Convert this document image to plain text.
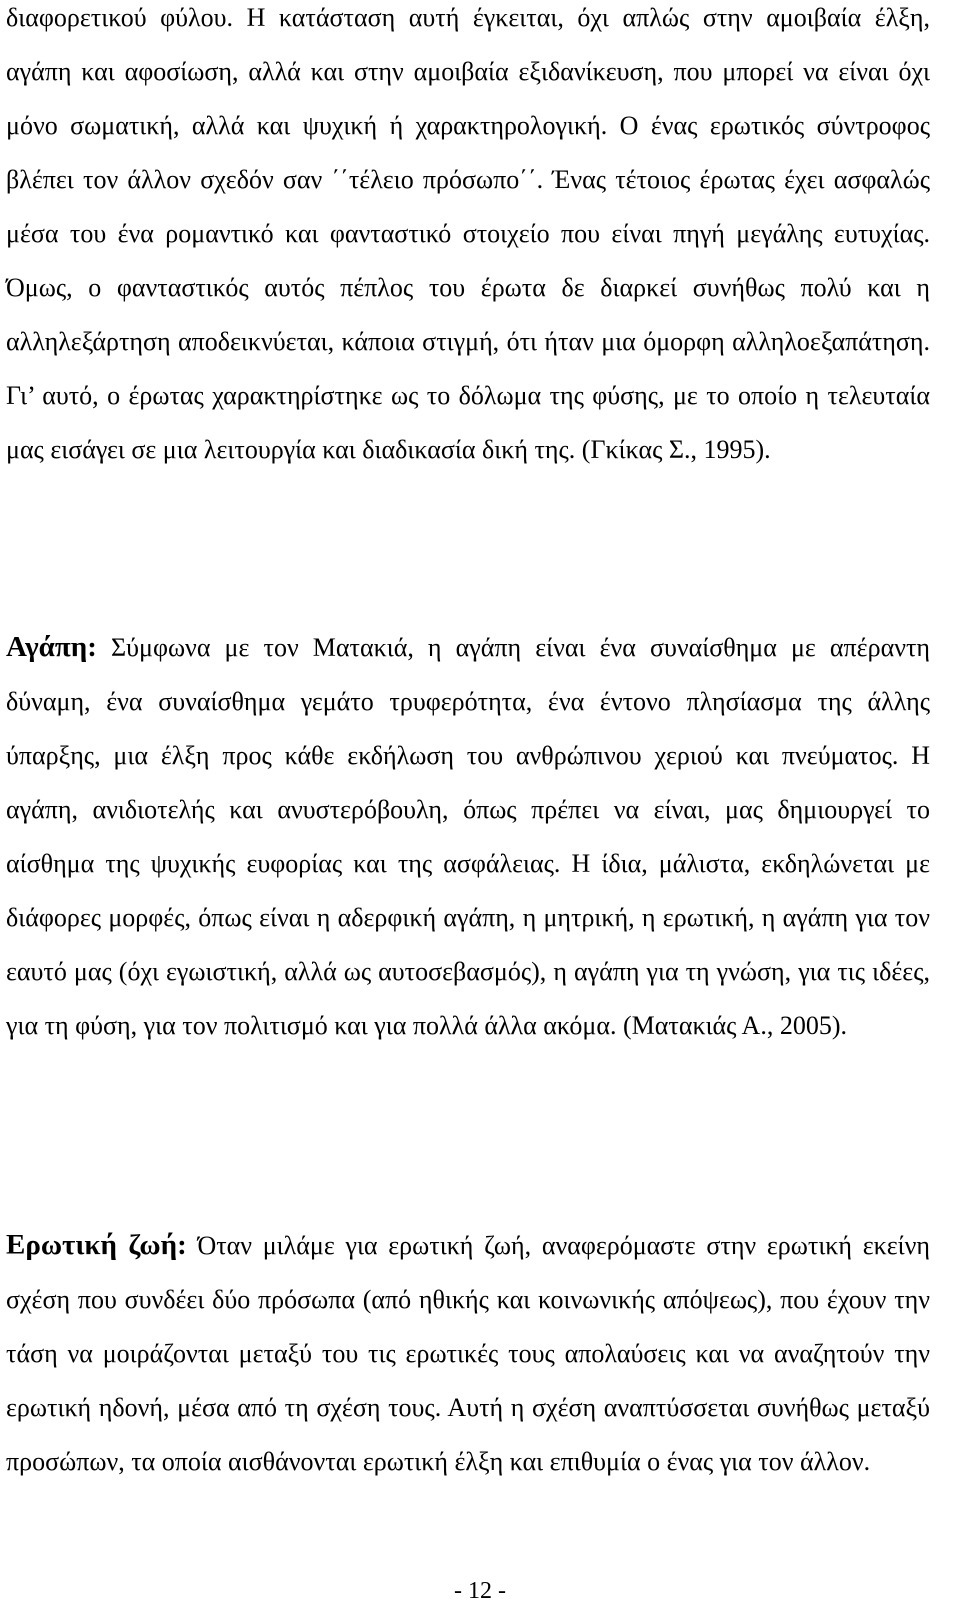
διαφορετικού φύλου. Η κατάσταση αυτή έγκειται, όχι απλώς στην αμοιβαία έλξη, αγάπη και αφοσίωση, αλλά και στην αμοιβαία εξιδανίκευση, που μπορεί να είναι όχι μόνο σωματική, αλλά και ψυχική ή χαρακτηρολογική. Ο ένας ερωτικός σύντροφος βλέπει τον άλλον σχεδόν σαν ΄΄τέλειο πρόσωπο΄΄. Ένας τέτοιος έρωτας έχει ασφαλώς μέσα του ένα ρομαντικό και φανταστικό στοιχείο που είναι πηγή μεγάλης ευτυχίας. Όμως, ο φανταστικός αυτός πέπλος του έρωτα δε διαρκεί συνήθως πολύ και η αλληλεξάρτηση αποδεικνύεται, κάποια στιγμή, ότι ήταν μια όμορφη αλληλοεξαπάτηση. Γι’ αυτό, ο έρωτας χαρακτηρίστηκε ως το δόλωμα της φύσης, με το οποίο η τελευταία μας εισάγει σε μια λειτουργία και διαδικασία δική της. (Γκίκας Σ., 1995).

Αγάπη: Σύμφωνα με τον Ματακιά, η αγάπη είναι ένα συναίσθημα με απέραντη δύναμη, ένα συναίσθημα γεμάτο τρυφερότητα, ένα έντονο πλησίασμα της άλλης ύπαρξης, μια έλξη προς κάθε εκδήλωση του ανθρώπινου χεριού και πνεύματος. Η αγάπη, ανιδιοτελής και ανυστερόβουλη, όπως πρέπει να είναι, μας δημιουργεί το αίσθημα της ψυχικής ευφορίας και της ασφάλειας. Η ίδια, μάλιστα, εκδηλώνεται με διάφορες μορφές, όπως είναι η αδερφική αγάπη, η μητρική, η ερωτική, η αγάπη για τον εαυτό μας (όχι εγωιστική, αλλά ως αυτοσεβασμός), η αγάπη για τη γνώση, για τις ιδέες, για τη φύση, για τον πολιτισμό και για πολλά άλλα ακόμα. (Ματακιάς Α., 2005).

Ερωτική ζωή: Όταν μιλάμε για ερωτική ζωή, αναφερόμαστε στην ερωτική εκείνη σχέση που συνδέει δύο πρόσωπα (από ηθικής και κοινωνικής απόψεως), που έχουν την τάση να μοιράζονται μεταξύ του τις ερωτικές τους απολαύσεις και να αναζητούν την ερωτική ηδονή, μέσα από τη σχέση τους. Αυτή η σχέση αναπτύσσεται συνήθως μεταξύ προσώπων, τα οποία αισθάνονται ερωτική έλξη και επιθυμία ο ένας για τον άλλον.

- 12 -
